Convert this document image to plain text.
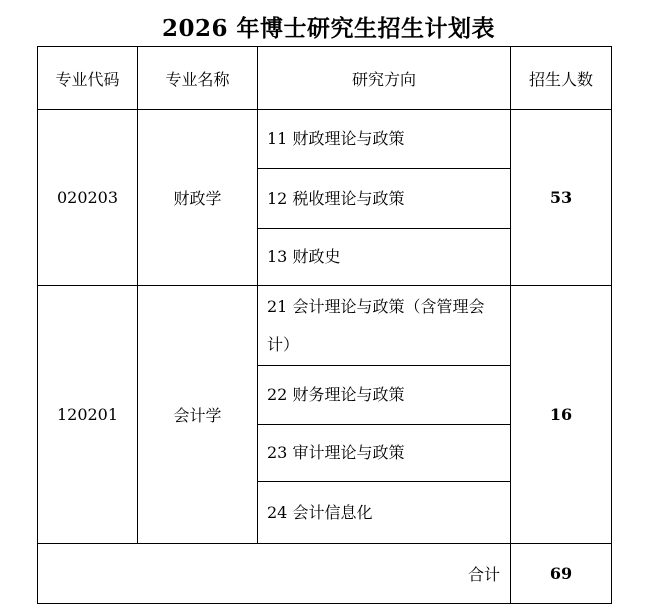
2026 年博士研究生招生计划表
专业代码	专业名称	研究方向	招生人数
020203	财政学	11 财政理论与政策	53
		12 税收理论与政策	
		13 财政史	
120201	会计学	21 会计理论与政策（含管理会计）	16
		22 财务理论与政策	
		23 审计理论与政策	
		24 会计信息化	
合计			69
